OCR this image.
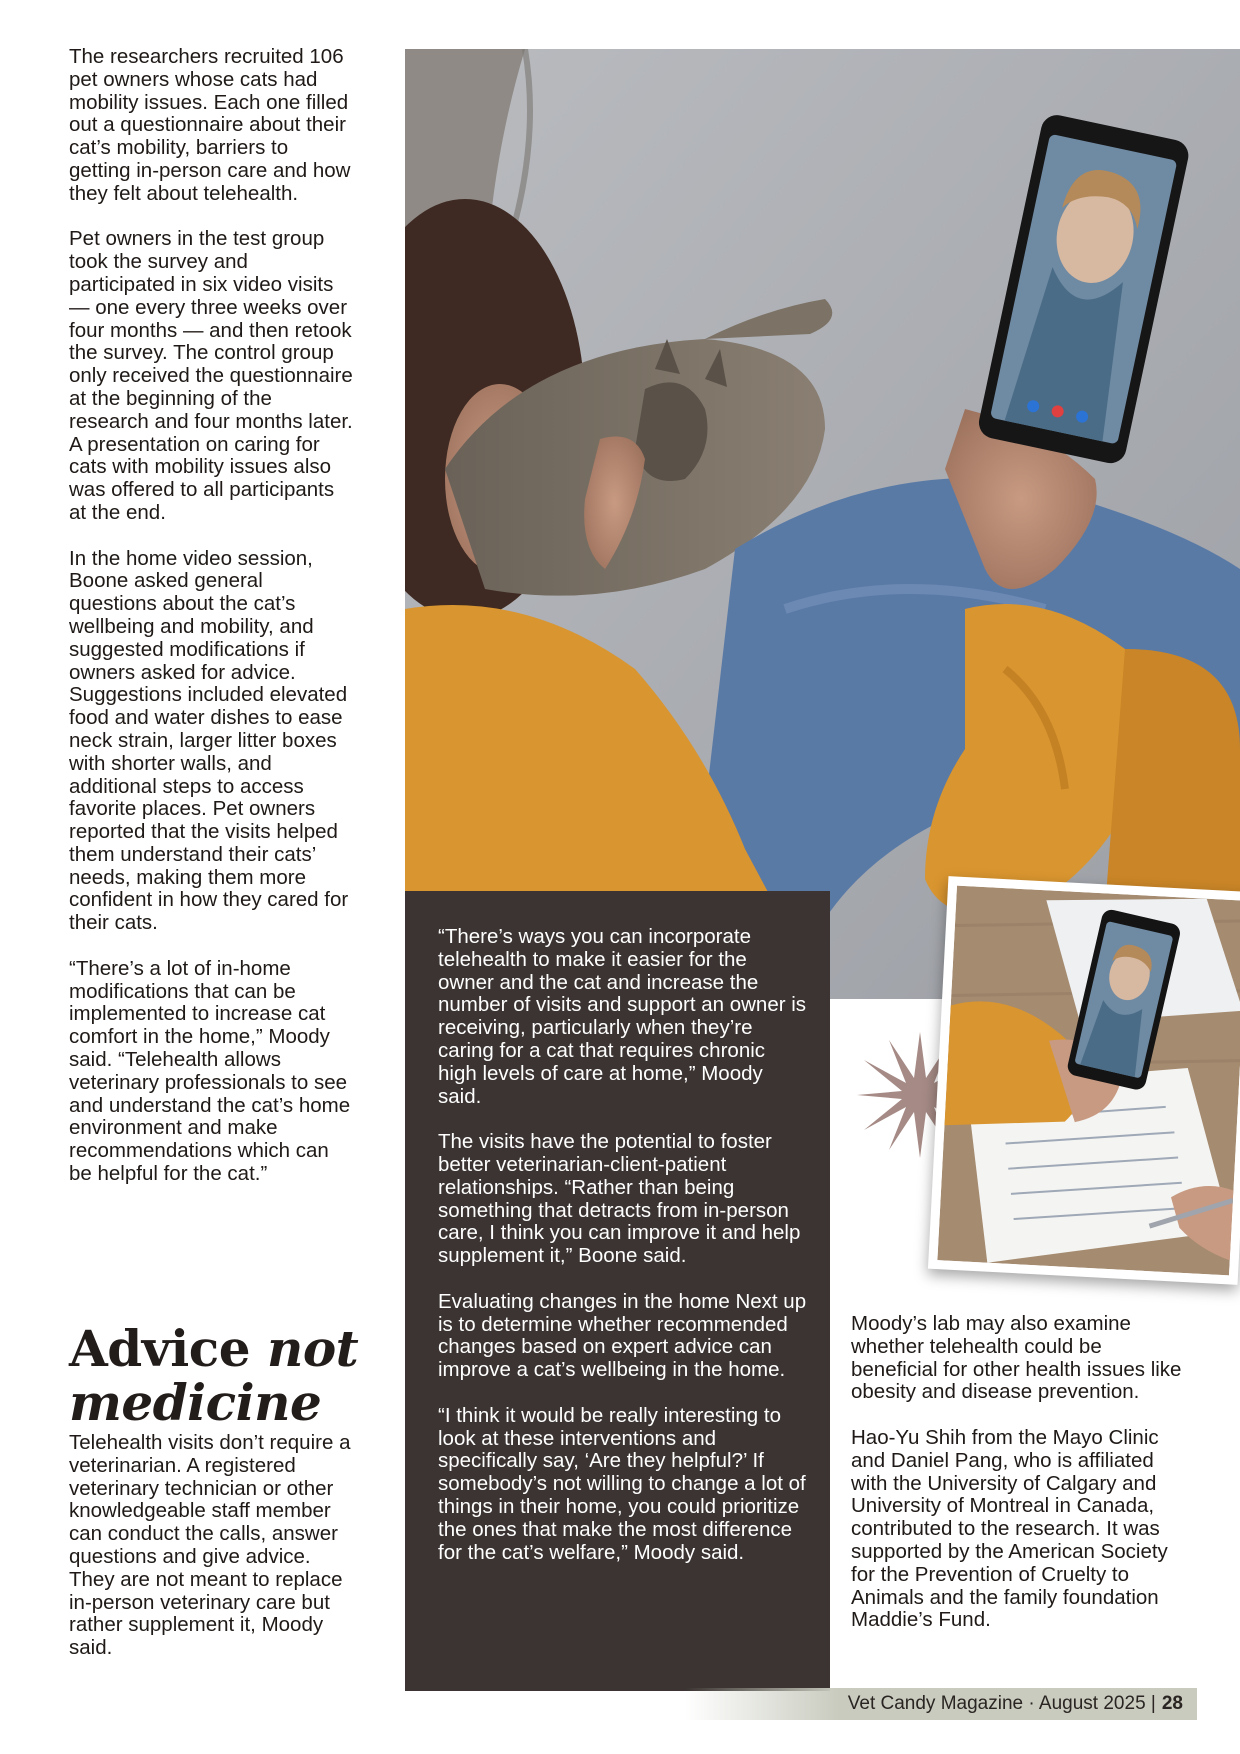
The researchers recruited 106 pet owners whose cats had mobility issues. Each one filled out a questionnaire about their cat’s mobility, barriers to getting in-person care and how they felt about telehealth.

Pet owners in the test group took the survey and participated in six video visits — one every three weeks over four months — and then retook the survey. The control group only received the questionnaire at the beginning of the research and four months later. A presentation on caring for cats with mobility issues also was offered to all participants at the end.

In the home video session, Boone asked general questions about the cat’s wellbeing and mobility, and suggested modifications if owners asked for advice. Suggestions included elevated food and water dishes to ease neck strain, larger litter boxes with shorter walls, and additional steps to access favorite places. Pet owners reported that the visits helped them understand their cats’ needs, making them more confident in how they cared for their cats.

“There’s a lot of in-home modifications that can be implemented to increase cat comfort in the home,” Moody said. “Telehealth allows veterinary professionals to see and understand the cat’s home environment and make recommendations which can be helpful for the cat.”

Advice not
medicine

Telehealth visits don’t require a veterinarian. A registered veterinary technician or other knowledgeable staff member can conduct the calls, answer questions and give advice. They are not meant to replace in-person veterinary care but rather supplement it, Moody said.

“There’s ways you can incorporate telehealth to make it easier for the owner and the cat and increase the number of visits and support an owner is receiving, particularly when they’re caring for a cat that requires chronic high levels of care at home,” Moody said.

The visits have the potential to foster better veterinarian-client-patient relationships. “Rather than being something that detracts from in-person care, I think you can improve it and help supplement it,” Boone said.

Evaluating changes in the home Next up is to determine whether recommended changes based on expert advice can improve a cat’s wellbeing in the home.

“I think it would be really interesting to look at these interventions and specifically say, ‘Are they helpful?’ If somebody’s not willing to change a lot of things in their home, you could prioritize the ones that make the most difference for the cat’s welfare,” Moody said.

Moody’s lab may also examine whether telehealth could be beneficial for other health issues like obesity and disease prevention.

Hao-Yu Shih from the Mayo Clinic and Daniel Pang, who is affiliated with the University of Calgary and University of Montreal in Canada, contributed to the research. It was supported by the American Society for the Prevention of Cruelty to Animals and the family foundation Maddie’s Fund.

Vet Candy Magazine · August 2025 | 28
